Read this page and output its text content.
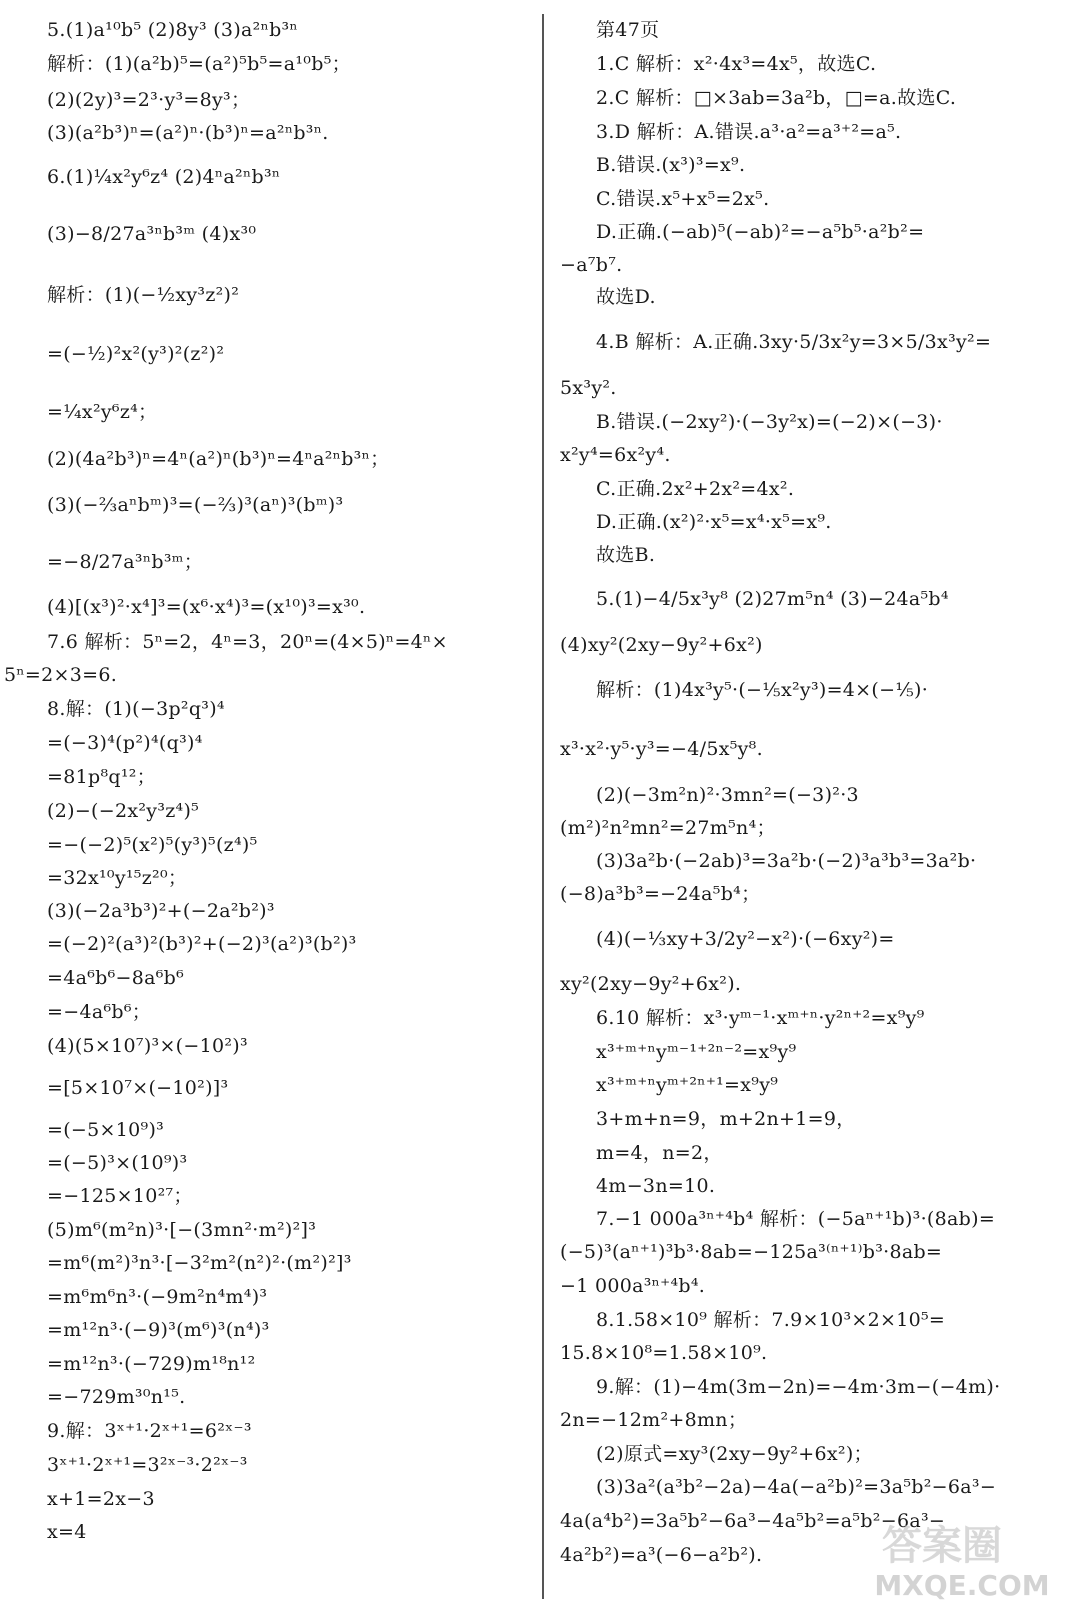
5.(1)a¹⁰b⁵ (2)8y³ (3)a²ⁿb³ⁿ
解析：(1)(a²b)⁵=(a²)⁵b⁵=a¹⁰b⁵；
(2)(2y)³=2³·y³=8y³；
(3)(a²b³)ⁿ=(a²)ⁿ·(b³)ⁿ=a²ⁿb³ⁿ.
6.(1)¼x²y⁶z⁴ (2)4ⁿa²ⁿb³ⁿ
(3)−8/27a³ⁿb³ᵐ (4)x³⁰
解析：(1)(−½xy³z²)²
=(−½)²x²(y³)²(z²)²
=¼x²y⁶z⁴；
(2)(4a²b³)ⁿ=4ⁿ(a²)ⁿ(b³)ⁿ=4ⁿa²ⁿb³ⁿ；
(3)(−⅔aⁿbᵐ)³=(−⅔)³(aⁿ)³(bᵐ)³
=−8/27a³ⁿb³ᵐ；
(4)[(x³)²·x⁴]³=(x⁶·x⁴)³=(x¹⁰)³=x³⁰.
7.6 解析：5ⁿ=2，4ⁿ=3，20ⁿ=(4×5)ⁿ=4ⁿ×
5ⁿ=2×3=6.
8.解：(1)(−3p²q³)⁴
=(−3)⁴(p²)⁴(q³)⁴
=81p⁸q¹²；
(2)−(−2x²y³z⁴)⁵
=−(−2)⁵(x²)⁵(y³)⁵(z⁴)⁵
=32x¹⁰y¹⁵z²⁰；
(3)(−2a³b³)²+(−2a²b²)³
=(−2)²(a³)²(b³)²+(−2)³(a²)³(b²)³
=4a⁶b⁶−8a⁶b⁶
=−4a⁶b⁶；
(4)(5×10⁷)³×(−10²)³
=[5×10⁷×(−10²)]³
=(−5×10⁹)³
=(−5)³×(10⁹)³
=−125×10²⁷；
(5)m⁶(m²n)³·[−(3mn²·m²)²]³
=m⁶(m²)³n³·[−3²m²(n²)²·(m²)²]³
=m⁶m⁶n³·(−9m²n⁴m⁴)³
=m¹²n³·(−9)³(m⁶)³(n⁴)³
=m¹²n³·(−729)m¹⁸n¹²
=−729m³⁰n¹⁵.
9.解：3ˣ⁺¹·2ˣ⁺¹=6²ˣ⁻³
3ˣ⁺¹·2ˣ⁺¹=3²ˣ⁻³·2²ˣ⁻³
x+1=2x−3
x=4
第47页
1.C 解析：x²·4x³=4x⁵，故选C.
2.C 解析：□×3ab=3a²b，□=a.故选C.
3.D 解析：A.错误.a³·a²=a³⁺²=a⁵.
B.错误.(x³)³=x⁹.
C.错误.x⁵+x⁵=2x⁵.
D.正确.(−ab)⁵(−ab)²=−a⁵b⁵·a²b²=
−a⁷b⁷.
故选D.
4.B 解析：A.正确.3xy·5/3x²y=3×5/3x³y²=
5x³y².
B.错误.(−2xy²)·(−3y²x)=(−2)×(−3)·
x²y⁴=6x²y⁴.
C.正确.2x²+2x²=4x².
D.正确.(x²)²·x⁵=x⁴·x⁵=x⁹.
故选B.
5.(1)−4/5x³y⁸ (2)27m⁵n⁴ (3)−24a⁵b⁴
(4)xy²(2xy−9y²+6x²)
解析：(1)4x³y⁵·(−⅕x²y³)=4×(−⅕)·
x³·x²·y⁵·y³=−4/5x⁵y⁸.
(2)(−3m²n)²·3mn²=(−3)²·3
(m²)²n²mn²=27m⁵n⁴；
(3)3a²b·(−2ab)³=3a²b·(−2)³a³b³=3a²b·
(−8)a³b³=−24a⁵b⁴；
(4)(−⅓xy+3/2y²−x²)·(−6xy²)=
xy²(2xy−9y²+6x²).
6.10 解析：x³·yᵐ⁻¹·xᵐ⁺ⁿ·y²ⁿ⁺²=x⁹y⁹
x³⁺ᵐ⁺ⁿyᵐ⁻¹⁺²ⁿ⁻²=x⁹y⁹
x³⁺ᵐ⁺ⁿyᵐ⁺²ⁿ⁺¹=x⁹y⁹
3+m+n=9，m+2n+1=9，
m=4，n=2，
4m−3n=10.
7.−1 000a³ⁿ⁺⁴b⁴ 解析：(−5aⁿ⁺¹b)³·(8ab)=
(−5)³(aⁿ⁺¹)³b³·8ab=−125a³⁽ⁿ⁺¹⁾b³·8ab=
−1 000a³ⁿ⁺⁴b⁴.
8.1.58×10⁹ 解析：7.9×10³×2×10⁵=
15.8×10⁸=1.58×10⁹.
9.解：(1)−4m(3m−2n)=−4m·3m−(−4m)·
2n=−12m²+8mn；
(2)原式=xy³(2xy−9y²+6x²)；
(3)3a²(a³b²−2a)−4a(−a²b)²=3a⁵b²−6a³−
4a(a⁴b²)=3a⁵b²−6a³−4a⁵b²=a⁵b²−6a³−
4a²b²)=a³(−6−a²b²).	答案圈
MXQE.COM
